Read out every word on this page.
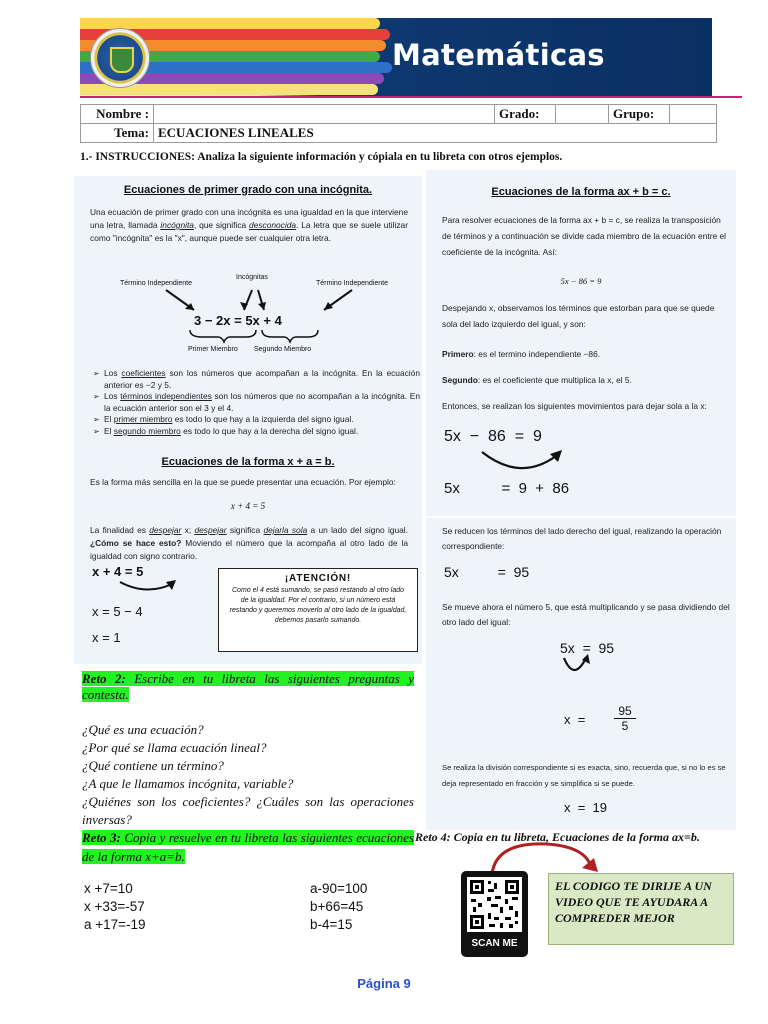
Matemáticas
Nombre :		Grado:		Grupo:	
Tema:	ECUACIONES LINEALES				
1.- INSTRUCCIONES: Analiza la siguiente información y cópiala en tu libreta con otros ejemplos.
Ecuaciones de primer grado con una incógnita.
Una ecuación de primer grado con una incógnita es una igualdad en la que interviene una letra, llamada incógnita, que significa desconocida. La letra que se suele utilizar como "incógnita" es la "x", aunque puede ser cualquier otra letra.
Incógnitas
Término Independiente	Término Independiente
3 − 2x = 5x + 4
Primer Miembro Segundo Miembro
➢ Los coeficientes son los números que acompañan a la incógnita. En la ecuación anterior es −2 y 5.
➢ Los términos independientes son los números que no acompañan a la incógnita. En la ecuación anterior son el 3 y el 4.
➢ El primer miembro es todo lo que hay a la izquierda del signo igual.
➢ El segundo miembro es todo lo que hay a la derecha del signo igual.
Ecuaciones de la forma x + a = b.
Es la forma más sencilla en la que se puede presentar una ecuación. Por ejemplo:
x + 4 = 5
La finalidad es despejar x; despejar significa dejarla sola a un lado del signo igual. ¿Cómo se hace esto? Moviendo el número que la acompaña al otro lado de la igualdad con signo contrario.
x + 4 = 5
x = 5 − 4
x = 1
¡ATENCIÓN!
Como el 4 está sumando, se pasó restando al otro lado de la igualdad. Por el contrario, si un número está restando y queremos moverlo al otro lado de la igualdad, debemos pasarlo sumando.
Ecuaciones de la forma ax + b = c.
Para resolver ecuaciones de la forma ax + b = c, se realiza la transposición de términos y a continuación se divide cada miembro de la ecuación entre el coeficiente de la incógnita. Así:
5x − 86 = 9
Despejando x, observamos los términos que estorban para que se quede sola del lado izquierdo del igual, y son:
Primero: es el termino independiente −86.
Segundo: es el coeficiente que multiplica la x, el 5.
Entonces, se realizan los siguientes movimientos para dejar sola a la x:
5x  −  86  =  9
5x          =  9  +  86
Se reducen los términos del lado derecho del igual, realizando la operación correspondiente:
5x          =  95
Se mueve ahora el número 5, que está multiplicando y se pasa dividiendo del otro lado del igual:
5x  =  95
x  =
95
5
Se realiza la división correspondiente si es exacta, sino, recuerda que, si no lo es se deja representado en fracción y se simplifica si se puede.
x  =  19
Reto 2: Escribe en tu libreta las siguientes preguntas y contesta.
¿Qué es una ecuación?
¿Por qué se llama ecuación lineal?
¿Qué contiene un término?
¿A que le llamamos incógnita, variable?
¿Quiénes son los coeficientes? ¿Cuáles son las operaciones inversas?
Reto 3: Copia y resuelve en tu libreta las siguientes ecuaciones de la forma x+a=b.
x +7=10
x +33=-57
a +17=-19
a-90=100
b+66=45
b-4=15
Reto 4: Copia en tu libreta, Ecuaciones de la forma ax=b.
SCAN ME
EL CODIGO TE DIRIJE A UN VIDEO QUE TE AYUDARA A COMPREDER MEJOR
Página 9
